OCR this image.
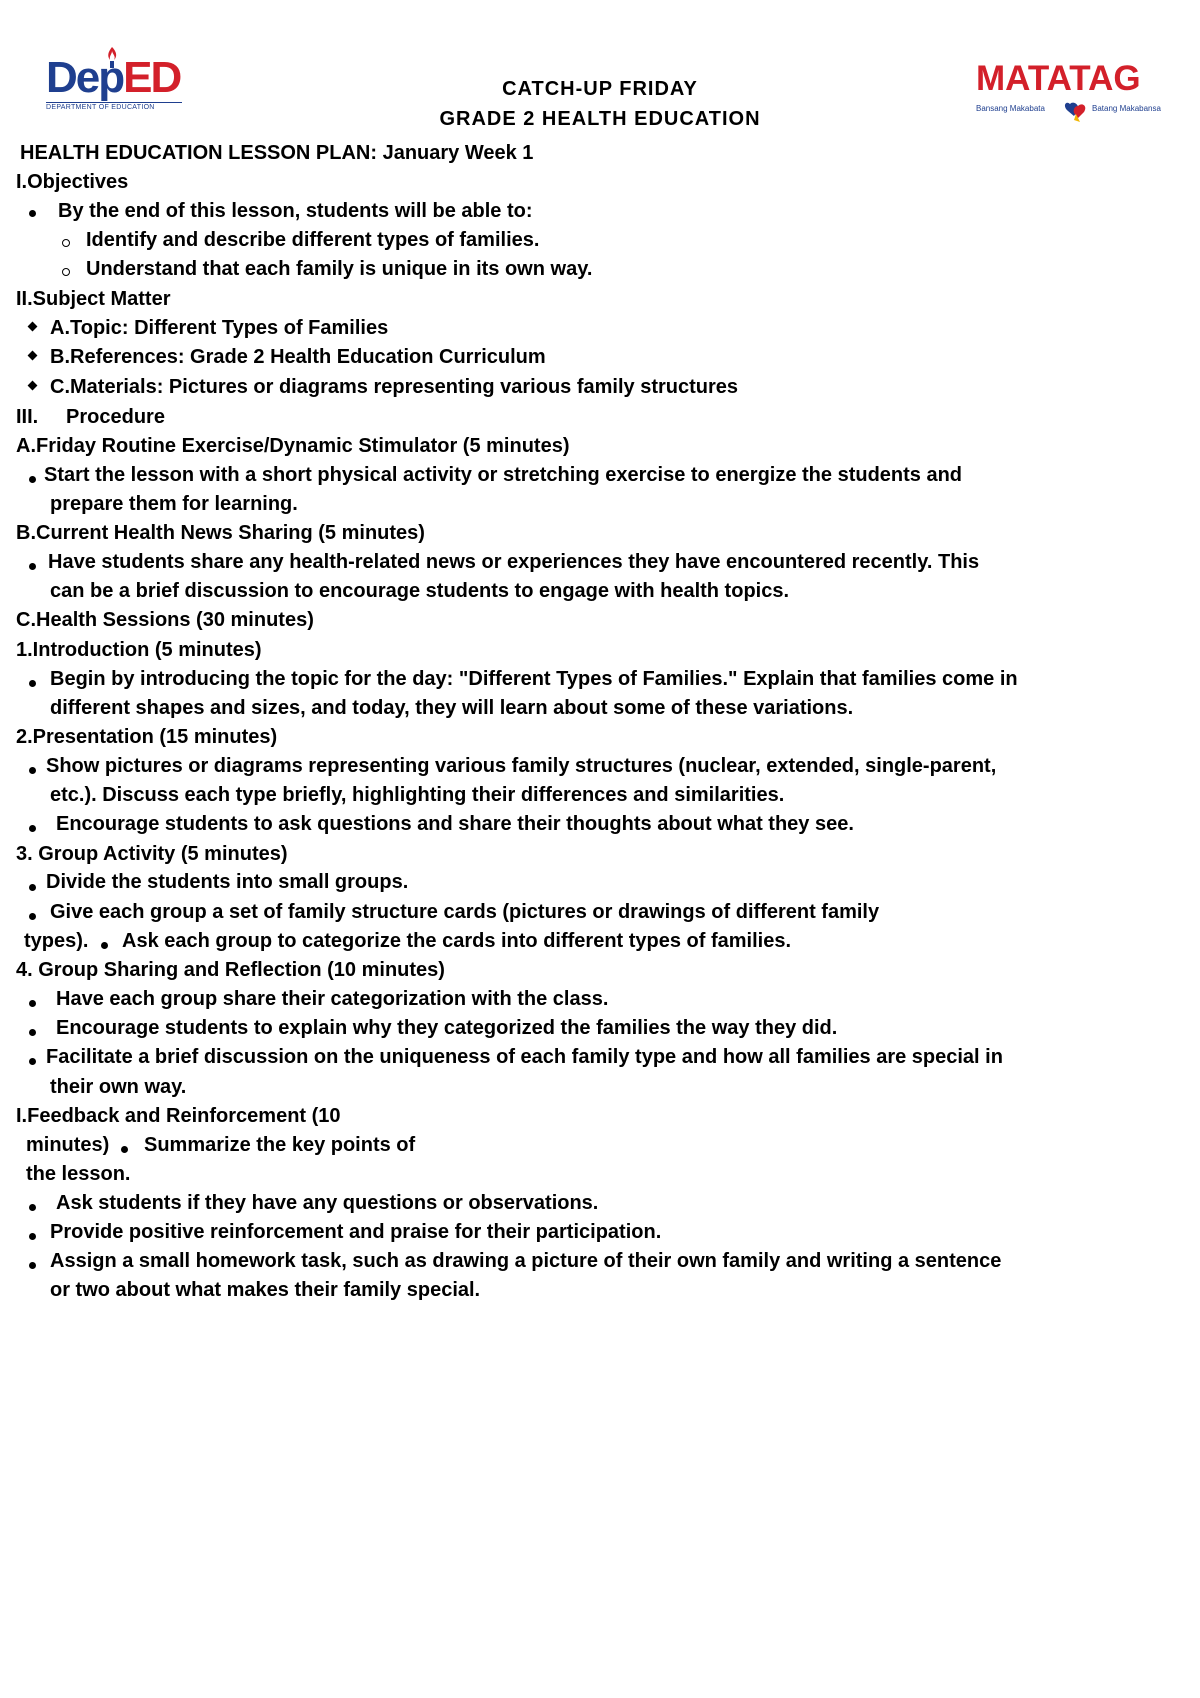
DepED
DEPARTMENT OF EDUCATION
MATATAG
Bansang Makabata	Batang Makabansa
CATCH-UP FRIDAY
GRADE 2 HEALTH EDUCATION
HEALTH EDUCATION LESSON PLAN: January Week 1
I.Objectives
By the end of this lesson, students will be able to:
Identify and describe different types of families.
Understand that each family is unique in its own way.
II.Subject Matter
A.Topic: Different Types of Families
B.References: Grade 2 Health Education Curriculum
C.Materials: Pictures or diagrams representing various family structures
III.     Procedure
A.Friday Routine Exercise/Dynamic Stimulator (5 minutes)
Start the lesson with a short physical activity or stretching exercise to energize the students and
prepare them for learning.
B.Current Health News Sharing (5 minutes)
Have students share any health-related news or experiences they have encountered recently. This
can be a brief discussion to encourage students to engage with health topics.
C.Health Sessions (30 minutes)
1.Introduction (5 minutes)
Begin by introducing the topic for the day: "Different Types of Families." Explain that families come in
different shapes and sizes, and today, they will learn about some of these variations.
2.Presentation (15 minutes)
Show pictures or diagrams representing various family structures (nuclear, extended, single-parent,
etc.). Discuss each type briefly, highlighting their differences and similarities.
Encourage students to ask questions and share their thoughts about what they see.
3. Group Activity (5 minutes)
Divide the students into small groups.
Give each group a set of family structure cards (pictures or drawings of different family
types). Ask each group to categorize the cards into different types of families.
4. Group Sharing and Reflection (10 minutes)
Have each group share their categorization with the class.
Encourage students to explain why they categorized the families the way they did.
Facilitate a brief discussion on the uniqueness of each family type and how all families are special in
their own way.
I.Feedback and Reinforcement (10
minutes) Summarize the key points of
the lesson.
Ask students if they have any questions or observations.
Provide positive reinforcement and praise for their participation.
Assign a small homework task, such as drawing a picture of their own family and writing a sentence
or two about what makes their family special.
